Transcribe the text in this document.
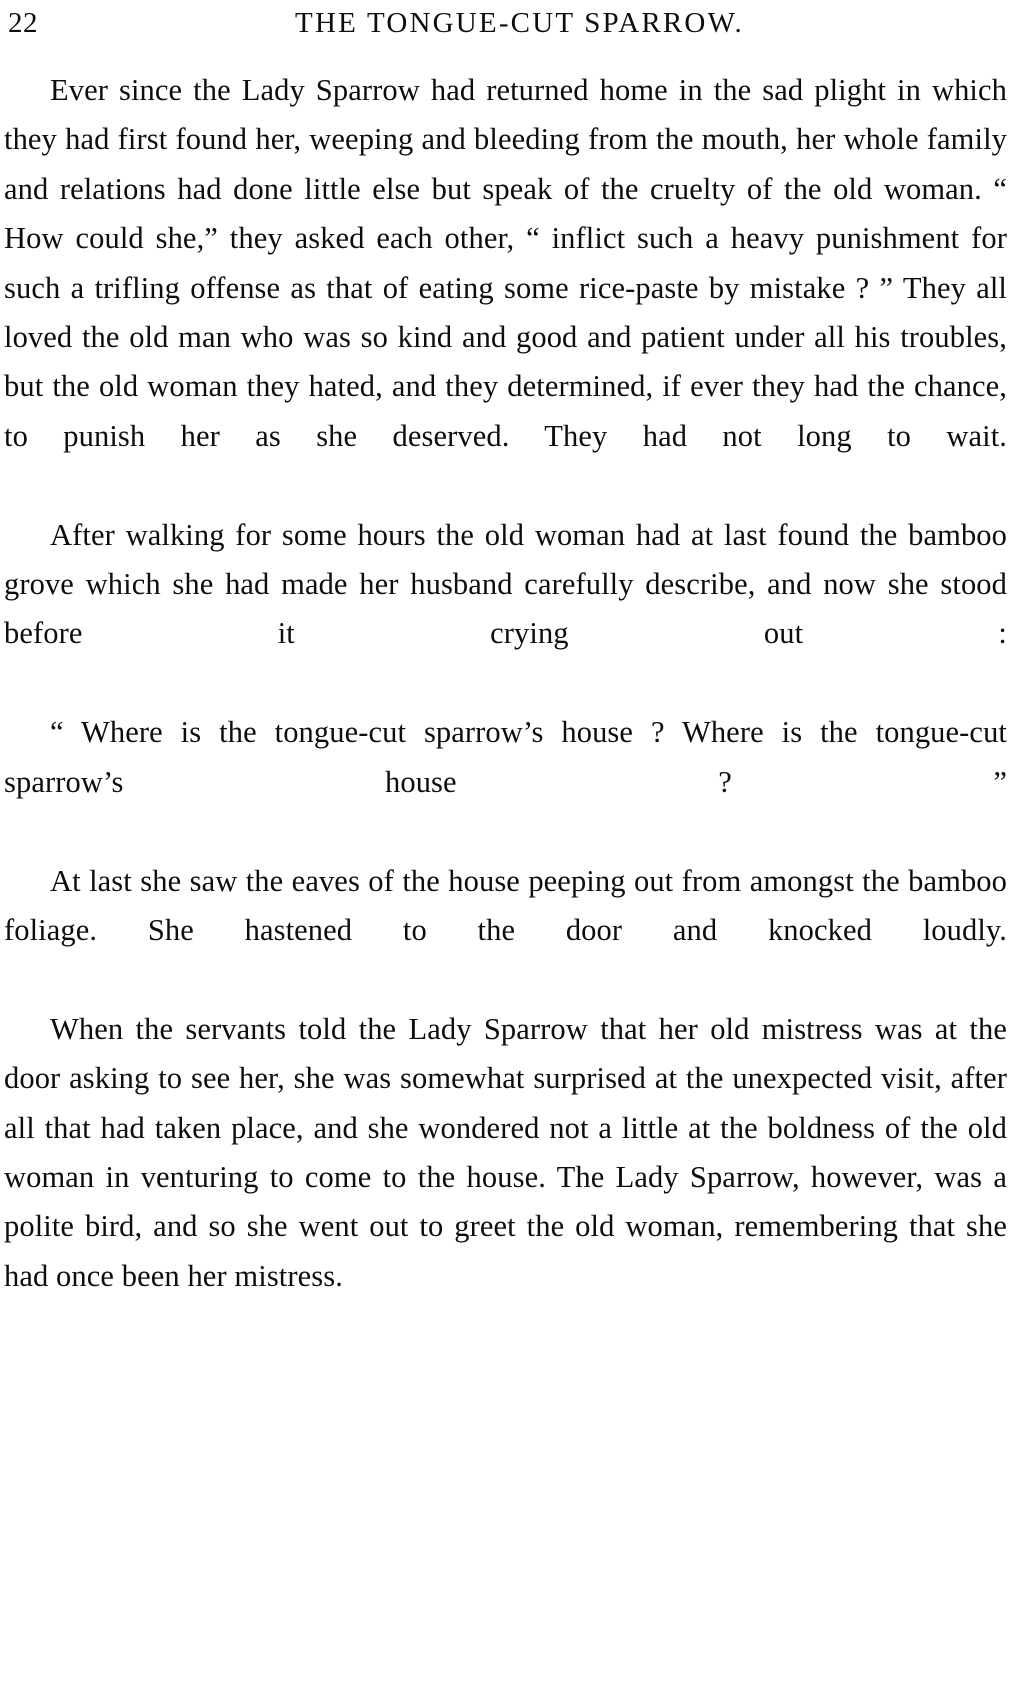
22	THE TONGUE-CUT SPARROW.

Ever since the Lady Sparrow had returned home in the sad plight in which they had first found her, weeping and bleeding from the mouth, her whole family and relations had done little else but speak of the cruelty of the old woman. “ How could she,” they asked each other, “ inflict such a heavy punishment for such a trifling offense as that of eating some rice-paste by mistake ? ” They all loved the old man who was so kind and good and patient under all his troubles, but the old woman they hated, and they determined, if ever they had the chance, to punish her as she deserved. They had not long to wait.

After walking for some hours the old woman had at last found the bamboo grove which she had made her husband carefully describe, and now she stood before it crying out :

“ Where is the tongue-cut sparrow’s house ? Where is the tongue-cut sparrow’s house ? ”

At last she saw the eaves of the house peeping out from amongst the bamboo foliage. She hastened to the door and knocked loudly.

When the servants told the Lady Sparrow that her old mistress was at the door asking to see her, she was somewhat surprised at the unexpected visit, after all that had taken place, and she wondered not a little at the boldness of the old woman in venturing to come to the house. The Lady Sparrow, however, was a polite bird, and so she went out to greet the old woman, remembering that she had once been her mistress.
